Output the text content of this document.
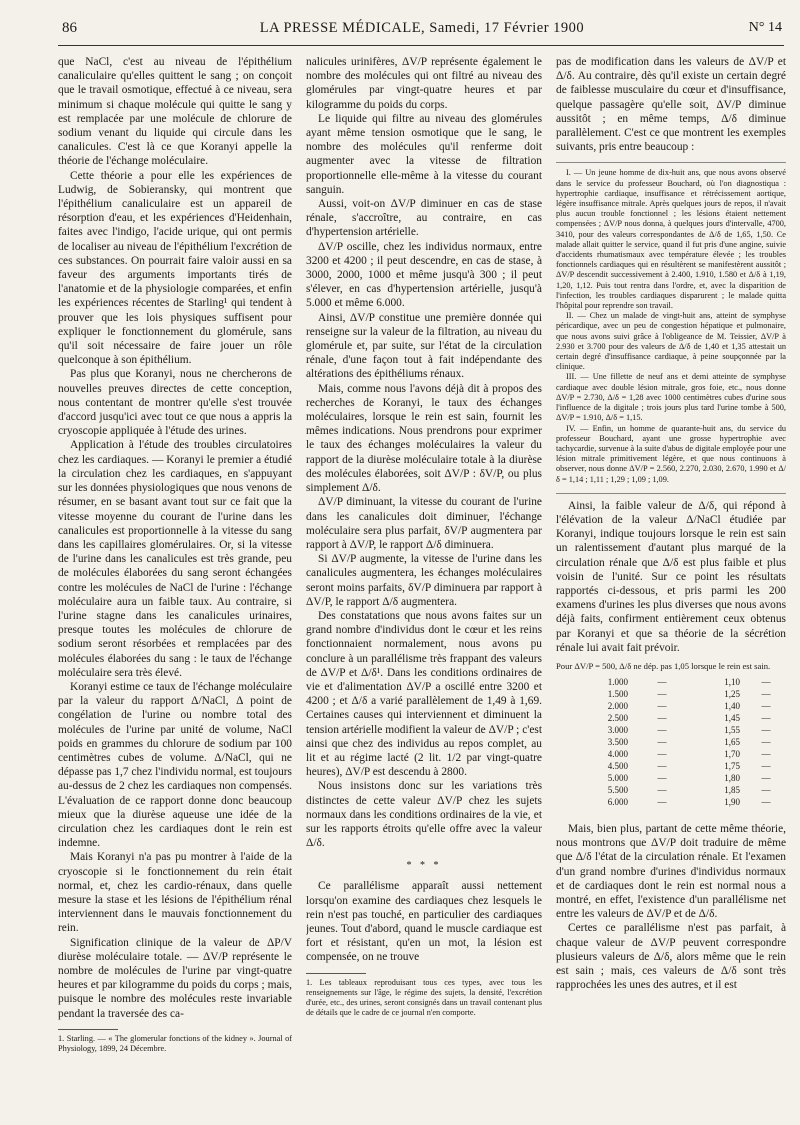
86	LA PRESSE MÉDICALE, Samedi, 17 Février 1900	N° 14

que NaCl, c'est au niveau de l'épithélium canaliculaire qu'elles quittent le sang ; on conçoit que le travail osmotique, effectué à ce niveau, sera minimum si chaque molécule qui quitte le sang y est remplacée par une molécule de chlorure de sodium venant du liquide qui circule dans les canalicules. C'est là ce que Koranyi appelle la théorie de l'échange moléculaire.

Cette théorie a pour elle les expériences de Ludwig, de Sobieransky, qui montrent que l'épithélium canaliculaire est un appareil de résorption d'eau, et les expériences d'Heidenhain, faites avec l'indigo, l'acide urique, qui ont permis de localiser au niveau de l'épithélium l'excrétion de ces substances. On pourrait faire valoir aussi en sa faveur des arguments importants tirés de l'anatomie et de la physiologie comparées, et enfin les expériences récentes de Starling¹ qui tendent à prouver que les lois physiques suffisent pour expliquer le fonctionnement du glomérule, sans qu'il soit nécessaire de faire jouer un rôle quelconque à son épithélium.

Pas plus que Koranyi, nous ne chercherons de nouvelles preuves directes de cette conception, nous contentant de montrer qu'elle s'est trouvée d'accord jusqu'ici avec tout ce que nous a appris la cryoscopie appliquée à l'étude des urines.

Application à l'étude des troubles circulatoires chez les cardiaques. — Koranyi le premier a étudié la circulation chez les cardiaques, en s'appuyant sur les données physiologiques que nous venons de résumer, en se basant avant tout sur ce fait que la vitesse moyenne du courant de l'urine dans les canalicules est proportionnelle à la vitesse du sang dans les capillaires glomérulaires. Or, si la vitesse de l'urine dans les canalicules est très grande, peu de molécules élaborées du sang seront échangées contre les molécules de NaCl de l'urine : l'échange moléculaire aura un faible taux. Au contraire, si l'urine stagne dans les canalicules urinaires, presque toutes les molécules de chlorure de sodium seront résorbées et remplacées par des molécules élaborées du sang : le taux de l'échange moléculaire sera très élevé.

Koranyi estime ce taux de l'échange moléculaire par la valeur du rapport Δ/NaCl, Δ point de congélation de l'urine ou nombre total des molécules de l'urine par unité de volume, NaCl poids en grammes du chlorure de sodium par 100 centimètres cubes de volume. Δ/NaCl, qui ne dépasse pas 1,7 chez l'individu normal, est toujours au-dessus de 2 chez les cardiaques non compensés. L'évaluation de ce rapport donne donc beaucoup mieux que la diurèse aqueuse une idée de la circulation chez les cardiaques dont le rein est indemne.

Mais Koranyi n'a pas pu montrer à l'aide de la cryoscopie si le fonctionnement du rein était normal, et, chez les cardio-rénaux, dans quelle mesure la stase et les lésions de l'épithélium rénal interviennent dans le mauvais fonctionnement du rein.

Signification clinique de la valeur de ΔP/V diurèse moléculaire totale. — ΔV/P représente le nombre de molécules de l'urine par vingt-quatre heures et par kilogramme du poids du corps ; mais, puisque le nombre des molécules reste invariable pendant la traversée des ca-

1. Starling. — « The glomerular fonctions of the kidney ». Journal of Physiology, 1899, 24 Décembre.

nalicules urinifères, ΔV/P représente également le nombre des molécules qui ont filtré au niveau des glomérules par vingt-quatre heures et par kilogramme du poids du corps.

Le liquide qui filtre au niveau des glomérules ayant même tension osmotique que le sang, le nombre des molécules qu'il renferme doit augmenter avec la vitesse de filtration proportionnelle elle-même à la vitesse du courant sanguin.

Aussi, voit-on ΔV/P diminuer en cas de stase rénale, s'accroître, au contraire, en cas d'hypertension artérielle.

ΔV/P oscille, chez les individus normaux, entre 3200 et 4200 ; il peut descendre, en cas de stase, à 3000, 2000, 1000 et même jusqu'à 300 ; il peut s'élever, en cas d'hypertension artérielle, jusqu'à 5.000 et même 6.000.

Ainsi, ΔV/P constitue une première donnée qui renseigne sur la valeur de la filtration, au niveau du glomérule et, par suite, sur l'état de la circulation rénale, d'une façon tout à fait indépendante des altérations des épithéliums rénaux.

Mais, comme nous l'avons déjà dit à propos des recherches de Koranyi, le taux des échanges moléculaires, lorsque le rein est sain, fournit les mêmes indications. Nous prendrons pour exprimer le taux des échanges moléculaires la valeur du rapport de la diurèse moléculaire totale à la diurèse des molécules élaborées, soit ΔV/P : δV/P, ou plus simplement Δ/δ.

ΔV/P diminuant, la vitesse du courant de l'urine dans les canalicules doit diminuer, l'échange moléculaire sera plus parfait, δV/P augmentera par rapport à ΔV/P, le rapport Δ/δ diminuera.

Si ΔV/P augmente, la vitesse de l'urine dans les canalicules augmentera, les échanges moléculaires seront moins parfaits, δV/P diminuera par rapport à ΔV/P, le rapport Δ/δ augmentera.

Des constatations que nous avons faites sur un grand nombre d'individus dont le cœur et les reins fonctionnaient normalement, nous avons pu conclure à un parallélisme très frappant des valeurs de ΔV/P et Δ/δ¹. Dans les conditions ordinaires de vie et d'alimentation ΔV/P a oscillé entre 3200 et 4200 ; et Δ/δ a varié parallèlement de 1,49 à 1,69. Certaines causes qui interviennent et diminuent la tension artérielle modifient la valeur de ΔV/P ; c'est ainsi que chez des individus au repos complet, au lit et au régime lacté (2 lit. 1/2 par vingt-quatre heures), ΔV/P est descendu à 2800.

Nous insistons donc sur les variations très distinctes de cette valeur ΔV/P chez les sujets normaux dans les conditions ordinaires de la vie, et sur les rapports étroits qu'elle offre avec la valeur Δ/δ.

* * *

Ce parallélisme apparaît aussi nettement lorsqu'on examine des cardiaques chez lesquels le rein n'est pas touché, en particulier des cardiaques jeunes. Tout d'abord, quand le muscle cardiaque est fort et résistant, qu'en un mot, la lésion est compensée, on ne trouve

1. Les tableaux reproduisant tous ces types, avec tous les renseignements sur l'âge, le régime des sujets, la densité, l'excrétion d'urée, etc., des urines, seront consignés dans un travail contenant plus de détails que le cadre de ce journal n'en comporte.

pas de modification dans les valeurs de ΔV/P et Δ/δ. Au contraire, dès qu'il existe un certain degré de faiblesse musculaire du cœur et d'insuffisance, quelque passagère qu'elle soit, ΔV/P diminue aussitôt ; en même temps, Δ/δ diminue parallèlement. C'est ce que montrent les exemples suivants, pris entre beaucoup :

I. — Un jeune homme de dix-huit ans, que nous avons observé dans le service du professeur Bouchard, où l'on diagnostiqua : hypertrophie cardiaque, insuffisance et rétrécissement aortique, légère insuffisance mitrale. Après quelques jours de repos, il n'avait plus aucun trouble fonctionnel ; les lésions étaient nettement compensées ; ΔV/P nous donna, à quelques jours d'intervalle, 4700, 3410, pour des valeurs correspondantes de Δ/δ de 1,65, 1,50. Ce malade allait quitter le service, quand il fut pris d'une angine, suivie d'accidents rhumatismaux avec température élevée ; les troubles fonctionnels cardiaques qui en résultèrent se manifestèrent aussitôt ; ΔV/P descendit successivement à 2.400, 1.910, 1.580 et Δ/δ à 1,19, 1,20, 1,12. Puis tout rentra dans l'ordre, et, avec la disparition de l'infection, les troubles cardiaques disparurent ; le malade quitta l'hôpital pour reprendre son travail.

II. — Chez un malade de vingt-huit ans, atteint de symphyse péricardique, avec un peu de congestion hépatique et pulmonaire, que nous avons suivi grâce à l'obligeance de M. Teissier, ΔV/P à 2.930 et 3.700 pour des valeurs de Δ/δ de 1,40 et 1,35 attestait un certain degré d'insuffisance cardiaque, à peine soupçonnée par la clinique.

III. — Une fillette de neuf ans et demi atteinte de symphyse cardiaque avec double lésion mitrale, gros foie, etc., nous donne ΔV/P = 2.730, Δ/δ = 1,28 avec 1000 centimètres cubes d'urine sous l'influence de la digitale ; trois jours plus tard l'urine tombe à 500, ΔV/P = 1.910, Δ/δ = 1,15.

IV. — Enfin, un homme de quarante-huit ans, du service du professeur Bouchard, ayant une grosse hypertrophie avec tachycardie, survenue à la suite d'abus de digitale employée pour une lésion mitrale primitivement légère, et que nous continuons à observer, nous donne ΔV/P = 2.560, 2.270, 2.030, 2.670, 1.990 et Δ/δ = 1,14 ; 1,11 ; 1,29 ; 1,09 ; 1,09.

Ainsi, la faible valeur de Δ/δ, qui répond à l'élévation de la valeur Δ/NaCl étudiée par Koranyi, indique toujours lorsque le rein est sain un ralentissement d'autant plus marqué de la circulation rénale que Δ/δ est plus faible et plus voisin de l'unité. Sur ce point les résultats rapportés ci-dessous, et pris parmi les 200 examens d'urines les plus diverses que nous avons déjà faits, confirment entièrement ceux obtenus par Koranyi et que sa théorie de la sécrétion rénale lui avait fait prévoir.

Pour ΔV/P = 500, Δ/δ ne dép. pas 1,05 lorsque le rein est sain.
1.000	—	1,10	—
1.500	—	1,25	—
2.000	—	1,40	—
2.500	—	1,45	—
3.000	—	1,55	—
3.500	—	1,65	—
4.000	—	1,70	—
4.500	—	1,75	—
5.000	—	1,80	—
5.500	—	1,85	—
6.000	—	1,90	—

Mais, bien plus, partant de cette même théorie, nous montrons que ΔV/P doit traduire de même que Δ/δ l'état de la circulation rénale. Et l'examen d'un grand nombre d'urines d'individus normaux et de cardiaques dont le rein est normal nous a montré, en effet, l'existence d'un parallélisme net entre les valeurs de ΔV/P et de Δ/δ.

Certes ce parallélisme n'est pas parfait, à chaque valeur de ΔV/P peuvent correspondre plusieurs valeurs de Δ/δ, alors même que le rein est sain ; mais, ces valeurs de Δ/δ sont très rapprochées les unes des autres, et il est
